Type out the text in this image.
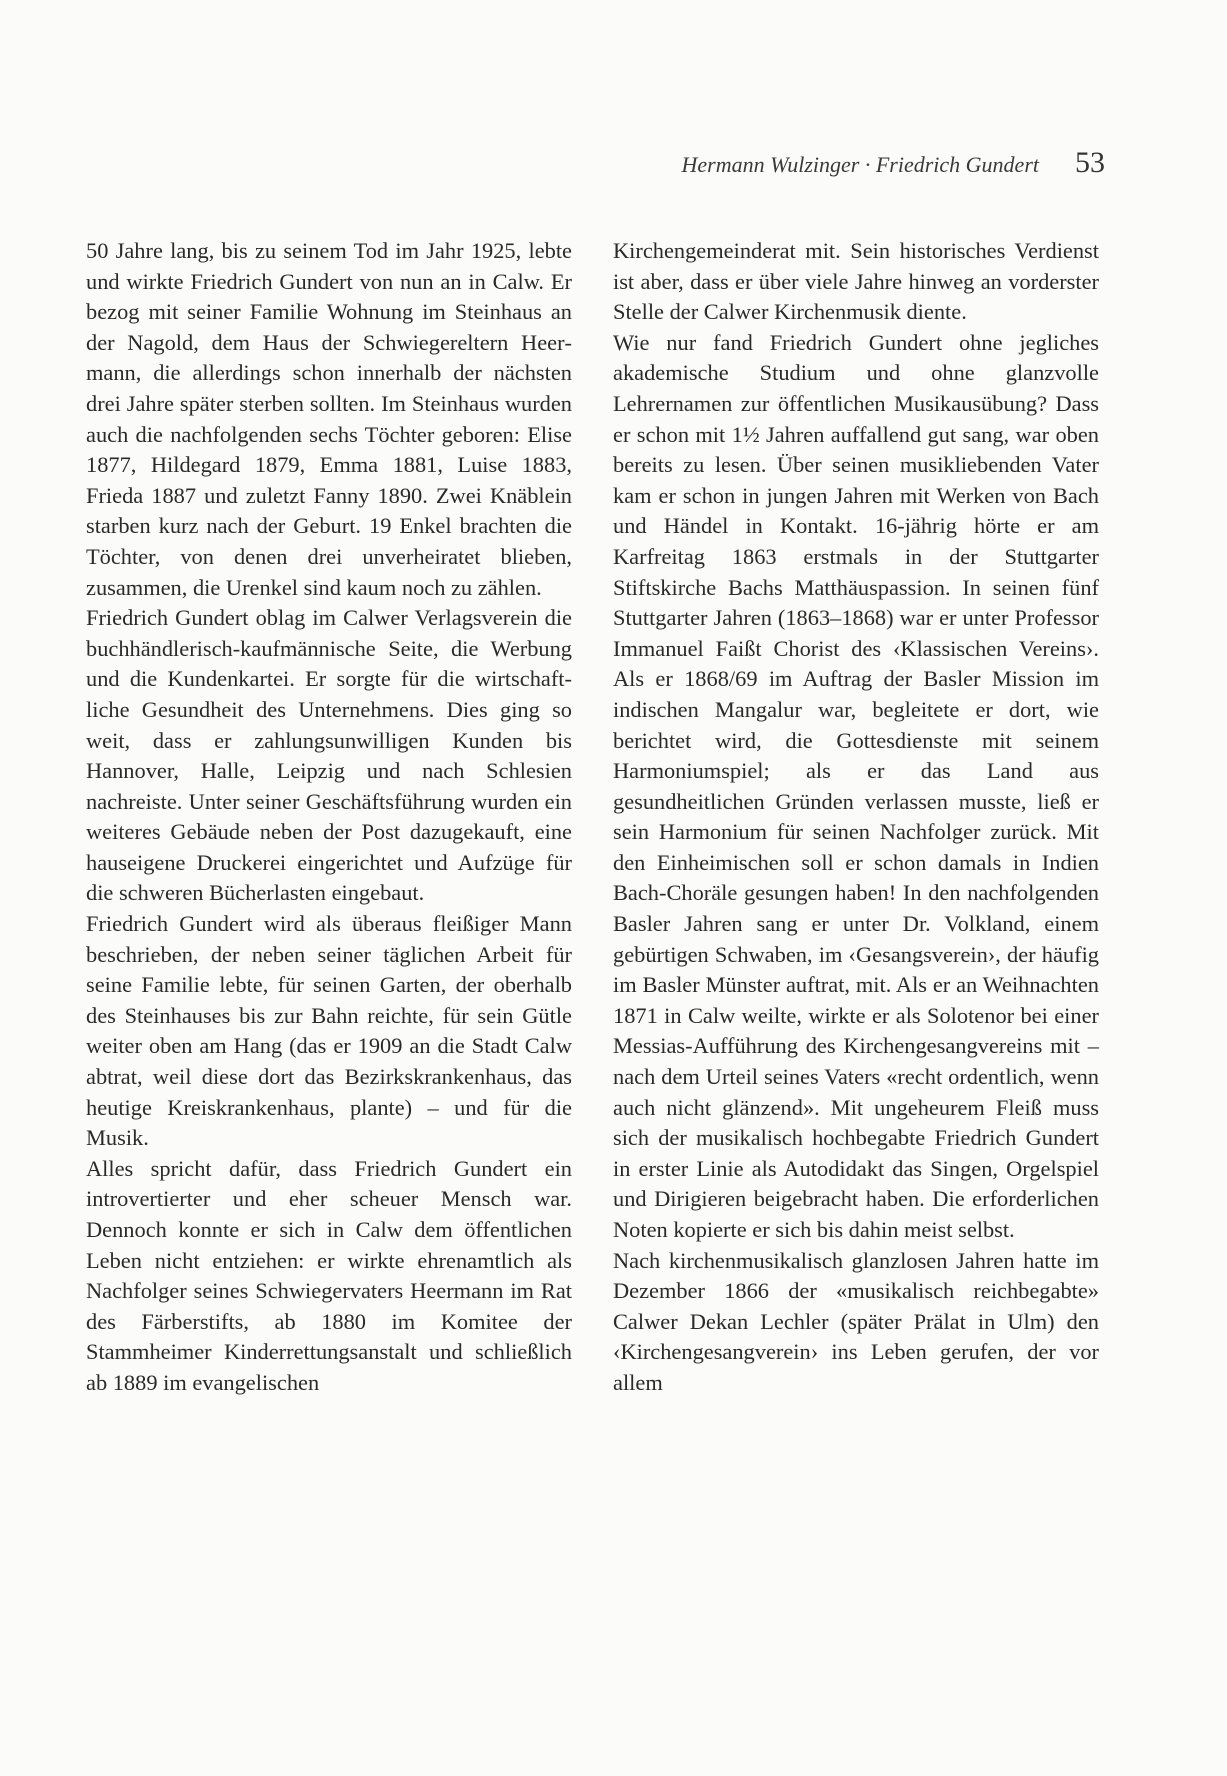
Hermann Wulzinger · Friedrich Gundert 53

50 Jahre lang, bis zu seinem Tod im Jahr 1925, lebte und wirkte Friedrich Gundert von nun an in Calw. Er bezog mit seiner Familie Wohnung im Steinhaus an der Nagold, dem Haus der Schwiegereltern Heermann, die allerdings schon innerhalb der nächsten drei Jahre später sterben sollten. Im Steinhaus wurden auch die nachfolgenden sechs Töchter geboren: Elise 1877, Hildegard 1879, Emma 1881, Luise 1883, Frieda 1887 und zuletzt Fanny 1890. Zwei Knäblein starben kurz nach der Geburt. 19 Enkel brachten die Töchter, von denen drei unverheiratet blieben, zusammen, die Urenkel sind kaum noch zu zählen.

Friedrich Gundert oblag im Calwer Verlagsverein die buchhändlerisch-kaufmännische Seite, die Werbung und die Kundenkartei. Er sorgte für die wirtschaftliche Gesundheit des Unternehmens. Dies ging so weit, dass er zahlungsunwilligen Kunden bis Hannover, Halle, Leipzig und nach Schlesien nachreiste. Unter seiner Geschäftsführung wurden ein weiteres Gebäude neben der Post dazugekauft, eine hauseigene Druckerei eingerichtet und Aufzüge für die schweren Bücherlasten eingebaut.

Friedrich Gundert wird als überaus fleißiger Mann beschrieben, der neben seiner täglichen Arbeit für seine Familie lebte, für seinen Garten, der oberhalb des Steinhauses bis zur Bahn reichte, für sein Gütle weiter oben am Hang (das er 1909 an die Stadt Calw abtrat, weil diese dort das Bezirkskrankenhaus, das heutige Kreiskrankenhaus, plante) – und für die Musik.

Alles spricht dafür, dass Friedrich Gundert ein introvertierter und eher scheuer Mensch war. Dennoch konnte er sich in Calw dem öffentlichen Leben nicht entziehen: er wirkte ehrenamtlich als Nachfolger seines Schwiegervaters Heermann im Rat des Färberstifts, ab 1880 im Komitee der Stammheimer Kinderrettungsanstalt und schließlich ab 1889 im evangelischen

Kirchengemeinderat mit. Sein historisches Verdienst ist aber, dass er über viele Jahre hinweg an vorderster Stelle der Calwer Kirchenmusik diente.

Wie nur fand Friedrich Gundert ohne jegliches akademische Studium und ohne glanzvolle Lehrernamen zur öffentlichen Musikausübung? Dass er schon mit 1½ Jahren auffallend gut sang, war oben bereits zu lesen. Über seinen musikliebenden Vater kam er schon in jungen Jahren mit Werken von Bach und Händel in Kontakt. 16-jährig hörte er am Karfreitag 1863 erstmals in der Stuttgarter Stiftskirche Bachs Matthäuspassion. In seinen fünf Stuttgarter Jahren (1863–1868) war er unter Professor Immanuel Faißt Chorist des ‹Klassischen Vereins›. Als er 1868/69 im Auftrag der Basler Mission im indischen Mangalur war, begleitete er dort, wie berichtet wird, die Gottesdienste mit seinem Harmoniumspiel; als er das Land aus gesundheitlichen Gründen verlassen musste, ließ er sein Harmonium für seinen Nachfolger zurück. Mit den Einheimischen soll er schon damals in Indien Bach-Choräle gesungen haben! In den nachfolgenden Basler Jahren sang er unter Dr. Volkland, einem gebürtigen Schwaben, im ‹Gesangsverein›, der häufig im Basler Münster auftrat, mit. Als er an Weihnachten 1871 in Calw weilte, wirkte er als Solotenor bei einer Messias-Aufführung des Kirchengesangvereins mit – nach dem Urteil seines Vaters «recht ordentlich, wenn auch nicht glänzend». Mit ungeheurem Fleiß muss sich der musikalisch hochbegabte Friedrich Gundert in erster Linie als Autodidakt das Singen, Orgelspiel und Dirigieren beigebracht haben. Die erforderlichen Noten kopierte er sich bis dahin meist selbst.

Nach kirchenmusikalisch glanzlosen Jahren hatte im Dezember 1866 der «musikalisch reichbegabte» Calwer Dekan Lechler (später Prälat in Ulm) den ‹Kirchengesangverein› ins Leben gerufen, der vor allem
